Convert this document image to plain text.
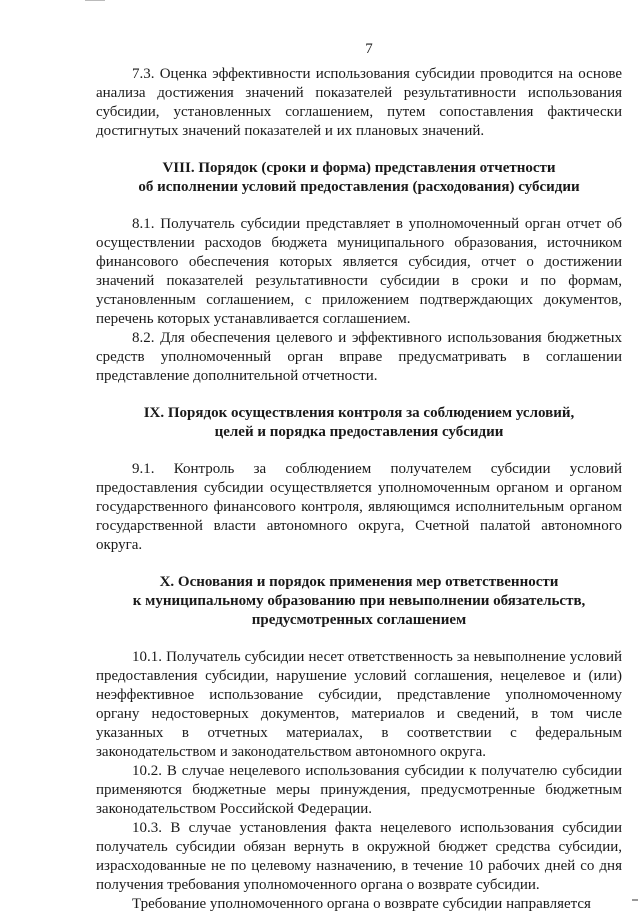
7

7.3. Оценка эффективности использования субсидии проводится на основе анализа достижения значений показателей результативности использования субсидии, установленных соглашением, путем сопоставления фактически достигнутых значений показателей и их плановых значений.

VIII. Порядок (сроки и форма) представления отчетности
об исполнении условий предоставления (расходования) субсидии

8.1. Получатель субсидии представляет в уполномоченный орган отчет об осуществлении расходов бюджета муниципального образования, источником финансового обеспечения которых является субсидия, отчет о достижении значений показателей результативности субсидии в сроки и по формам, установленным соглашением, с приложением подтверждающих документов, перечень которых устанавливается соглашением.

8.2. Для обеспечения целевого и эффективного использования бюджетных средств уполномоченный орган вправе предусматривать в соглашении представление дополнительной отчетности.

IX. Порядок осуществления контроля за соблюдением условий,
целей и порядка предоставления субсидии

9.1. Контроль за соблюдением получателем субсидии условий предоставления субсидии осуществляется уполномоченным органом и органом государственного финансового контроля, являющимся исполнительным органом государственной власти автономного округа, Счетной палатой автономного округа.

X. Основания и порядок применения мер ответственности
к муниципальному образованию при невыполнении обязательств,
предусмотренных соглашением

10.1. Получатель субсидии несет ответственность за невыполнение условий предоставления субсидии, нарушение условий соглашения, нецелевое и (или) неэффективное использование субсидии, представление уполномоченному органу недостоверных документов, материалов и сведений, в том числе указанных в отчетных материалах, в соответствии с федеральным законодательством и законодательством автономного округа.

10.2. В случае нецелевого использования субсидии к получателю субсидии применяются бюджетные меры принуждения, предусмотренные бюджетным законодательством Российской Федерации.

10.3. В случае установления факта нецелевого использования субсидии получатель субсидии обязан вернуть в окружной бюджет средства субсидии, израсходованные не по целевому назначению, в течение 10 рабочих дней со дня получения требования уполномоченного органа о возврате субсидии.

Требование уполномоченного органа о возврате субсидии направляется
